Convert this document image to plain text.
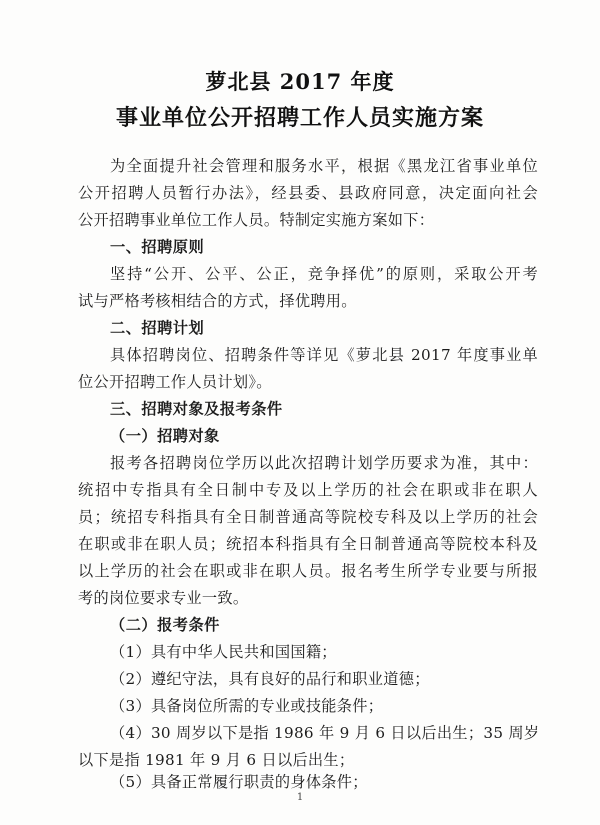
萝北县 2017 年度
事业单位公开招聘工作人员实施方案
为全面提升社会管理和服务水平，根据《黑龙江省事业单位
公开招聘人员暂行办法》，经县委、县政府同意，决定面向社会
公开招聘事业单位工作人员。特制定实施方案如下：
一、招聘原则
坚持“公开、公平、公正，竞争择优”的原则，采取公开考
试与严格考核相结合的方式，择优聘用。
二、招聘计划
具体招聘岗位、招聘条件等详见《萝北县 2017 年度事业单
位公开招聘工作人员计划》。
三、招聘对象及报考条件
（一）招聘对象
报考各招聘岗位学历以此次招聘计划学历要求为准，其中：
统招中专指具有全日制中专及以上学历的社会在职或非在职人
员；统招专科指具有全日制普通高等院校专科及以上学历的社会
在职或非在职人员；统招本科指具有全日制普通高等院校本科及
以上学历的社会在职或非在职人员。报名考生所学专业要与所报
考的岗位要求专业一致。
（二）报考条件
（1）具有中华人民共和国国籍；
（2）遵纪守法，具有良好的品行和职业道德；
（3）具备岗位所需的专业或技能条件；
（4）30 周岁以下是指 1986 年 9 月 6 日以后出生；35 周岁
以下是指 1981 年 9 月 6 日以后出生；
（5）具备正常履行职责的身体条件；
1
